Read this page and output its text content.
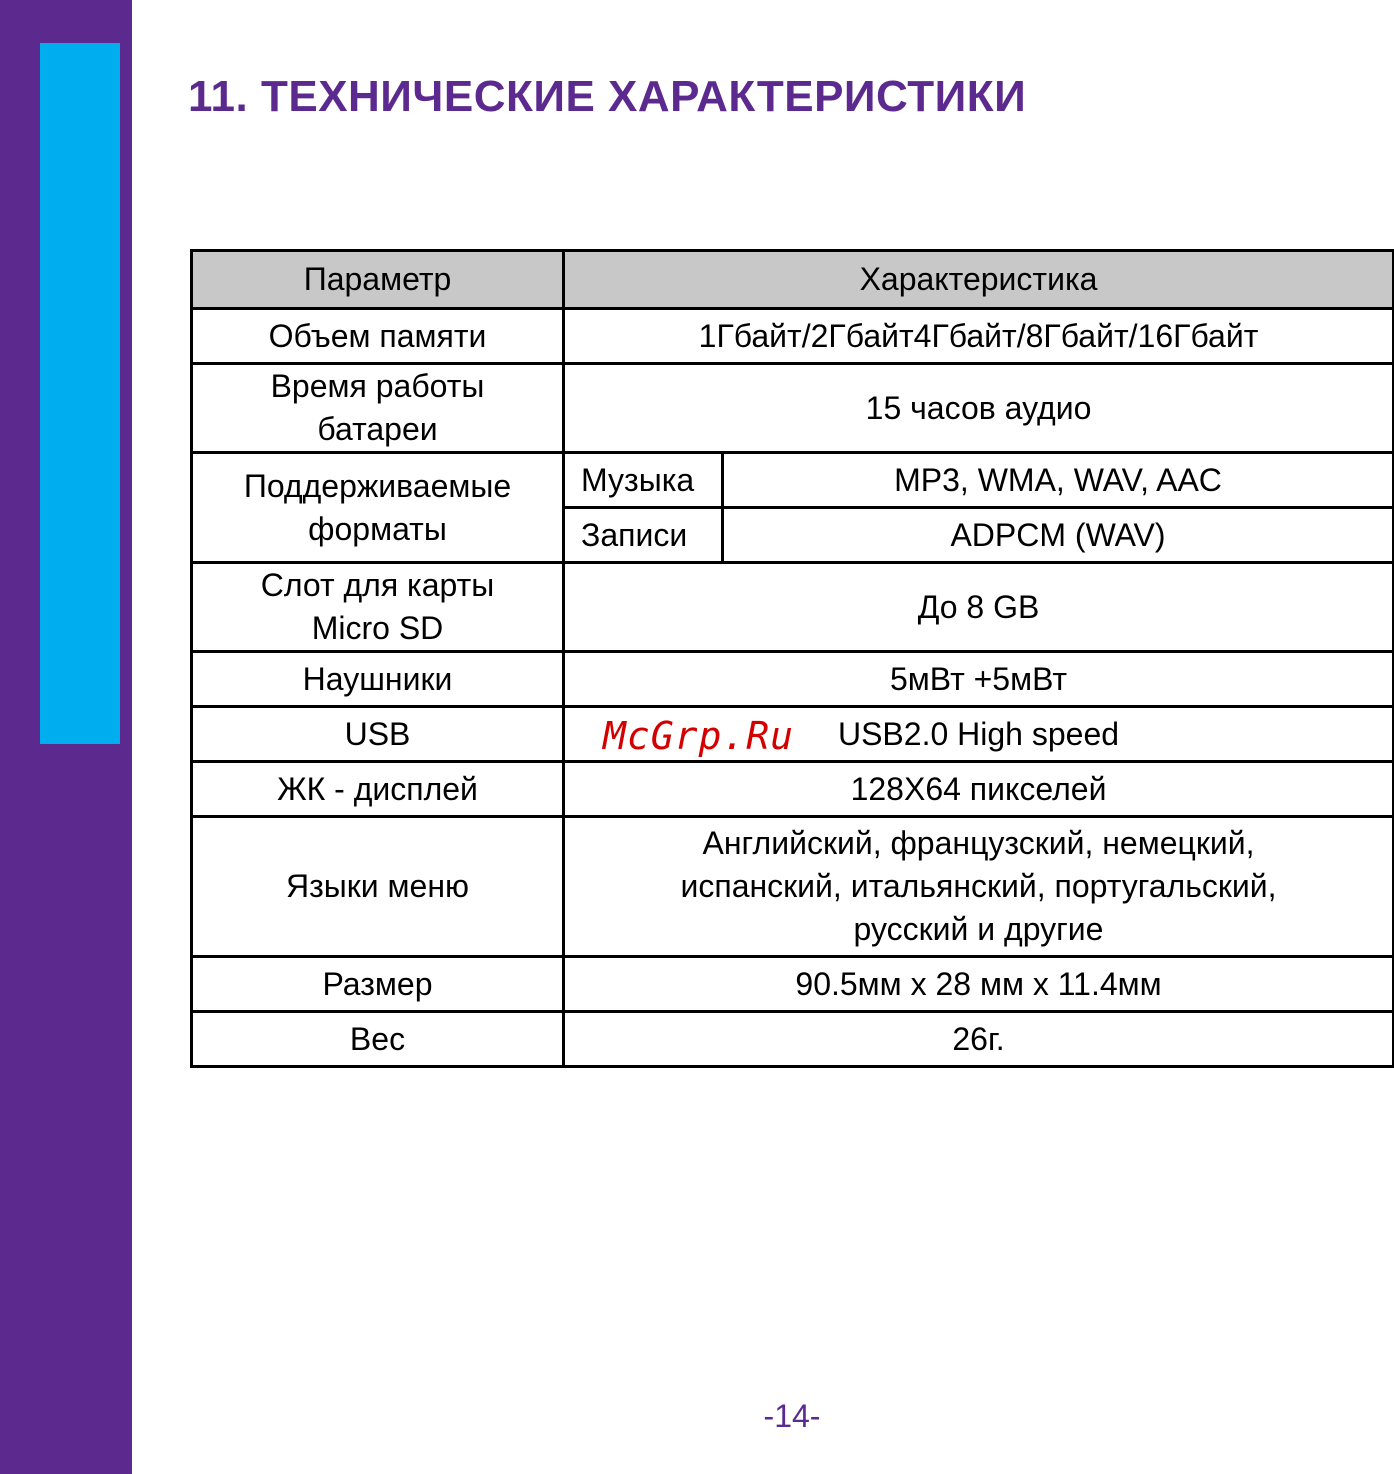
11. ТЕХНИЧЕСКИЕ ХАРАКТЕРИСТИКИ
Параметр	Характеристика	
Объем памяти	1Гбайт/2Гбайт4Гбайт/8Гбайт/16Гбайт	

Время работы
батареи	15 часов аудио	

Поддерживаемые
форматы	Музыка	MP3, WMA, WAV, AAC
	Записи	ADPCM (WAV)

Слот для карты
Micro SD	До 8 GB	
Наушники	5мВт +5мВт	
USB	USB2.0 High speed	
ЖК - дисплей	128X64 пикселей	
Языки меню	Английский, французский, немецкий,
испанский, итальянский, португальский,
русский и другие	

Размер	90.5мм x 28 мм x 11.4мм	
Вес	26г.	
McGrp.Ru
-14-
